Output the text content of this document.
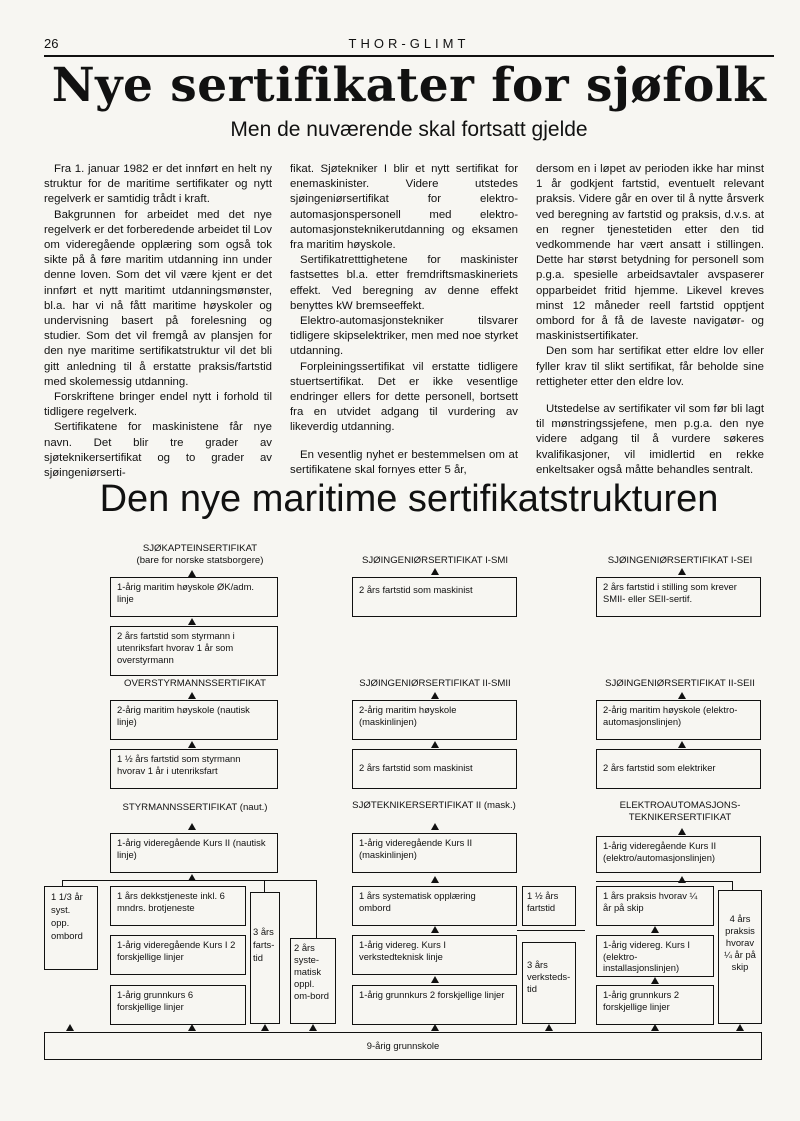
26	THOR-GLIMT
Nye sertifikater for sjøfolk
Men de nuværende skal fortsatt gjelde

Fra 1. januar 1982 er det innført en helt ny struktur for de maritime sertifikater og nytt regelverk er samtidig trådt i kraft.

Bakgrunnen for arbeidet med det nye regelverk er det forberedende arbeidet til Lov om videregående opplæring som også tok sikte på å føre maritim utdanning inn under denne loven. Som det vil være kjent er det innført et nytt maritimt utdanningsmønster, bl.a. har vi nå fått maritime høyskoler og undervisning basert på forelesning og studier. Som det vil fremgå av plansjen for den nye maritime sertifikatstruktur vil det bli gitt anledning til å erstatte praksis/fartstid med skolemessig utdanning.

Forskriftene bringer endel nytt i forhold til tidligere regelverk.

Sertifikatene for maskinistene får nye navn. Det blir tre grader av sjøteknikersertifikat og to grader av sjøingeniørserti-

fikat. Sjøtekniker I blir et nytt sertifikat for enemaskinister. Videre utstedes sjøingeniørsertifikat for elektro-automasjonspersonell med elektro-automasjonsteknikerutdanning og eksamen fra maritim høyskole.

Sertifikatretttighetene for maskinister fastsettes bl.a. etter fremdriftsmaskineriets effekt. Ved beregning av denne effekt benyttes kW bremseeffekt.

Elektro-automasjonstekniker tilsvarer tidligere skipselektriker, men med noe styrket utdanning.

Forpleiningssertifikat vil erstatte tidligere stuertsertifikat. Det er ikke vesentlige endringer ellers for dette personell, bortsett fra en utvidet adgang til vurdering av likeverdig utdanning.

En vesentlig nyhet er bestemmelsen om at sertifikatene skal fornyes etter 5 år,

dersom en i løpet av perioden ikke har minst 1 år godkjent fartstid, eventuelt relevant praksis. Videre går en over til å nytte årsverk ved beregning av fartstid og praksis, d.v.s. at en regner tjenestetiden etter den tid vedkommende har vært ansatt i stillingen. Dette har størst betydning for personell som p.g.a. spesielle arbeidsavtaler avspaserer opparbeidet fritid hjemme. Likevel kreves minst 12 måneder reell fartstid opptjent ombord for å få de laveste navigatør- og maskinistsertifikater.

Den som har sertifikat etter eldre lov eller fyller krav til slikt sertifikat, får beholde sine rettigheter etter den eldre lov.

Utstedelse av sertifikater vil som før bli lagt til mønstringssjefene, men p.g.a. den nye videre adgang til å vurdere søkeres kvalifikasjoner, vil imidlertid en rekke enkeltsaker også måtte behandles sentralt.

Den nye maritime sertifikatstrukturen
SJØKAPTEINSERTIFIKAT
(bare for norske statsborgere)
1-årig maritim høyskole ØK/adm. linje
2 års fartstid som styrmann i utenriksfart hvorav 1 år som overstyrmann
OVERSTYRMANNSSERTIFIKAT
2-årig maritim høyskole (nautisk linje)
1 ½ års fartstid som styrmann hvorav 1 år i utenriksfart
STYRMANNSSERTIFIKAT (naut.)
1-årig videregående Kurs II (nautisk linje)
1 1/3 år syst. opp. ombord
1 års dekkstjeneste inkl. 6 mndrs. brotjeneste
1-årig videregående Kurs I 2 forskjellige linjer
1-årig grunnkurs 6 forskjellige linjer
3 års farts-tid
2 års syste-matisk oppl. om-bord
SJØINGENIØRSERTIFIKAT I-SMI
2 års fartstid som maskinist
SJØINGENIØRSERTIFIKAT II-SMII
2-årig maritim høyskole (maskinlinjen)
2 års fartstid som maskinist
SJØTEKNIKERSERTIFIKAT II (mask.)
1-årig videregående Kurs II (maskinlinjen)
1 års systematisk opplæring ombord
1-årig videreg. Kurs I verkstedteknisk linje
1-årig grunnkurs 2 forskjellige linjer
1 ½ års fartstid
3 års verksteds-tid
SJØINGENIØRSERTIFIKAT I-SEI
2 års fartstid i stilling som krever SMII- eller SEII-sertif.
SJØINGENIØRSERTIFIKAT II-SEII
2-årig maritim høyskole (elektro-automasjonslinjen)
2 års fartstid som elektriker
ELEKTROAUTOMASJONS-
TEKNIKERSERTIFIKAT
1-årig videregående Kurs II (elektro/automasjonslinjen)
1 års praksis hvorav ¼ år på skip
1-årig videreg. Kurs I (elektro-installasjonslinjen)
1-årig grunnkurs 2 forskjellige linjer
4 års praksis hvorav ¼ år på skip
9-årig grunnskole
